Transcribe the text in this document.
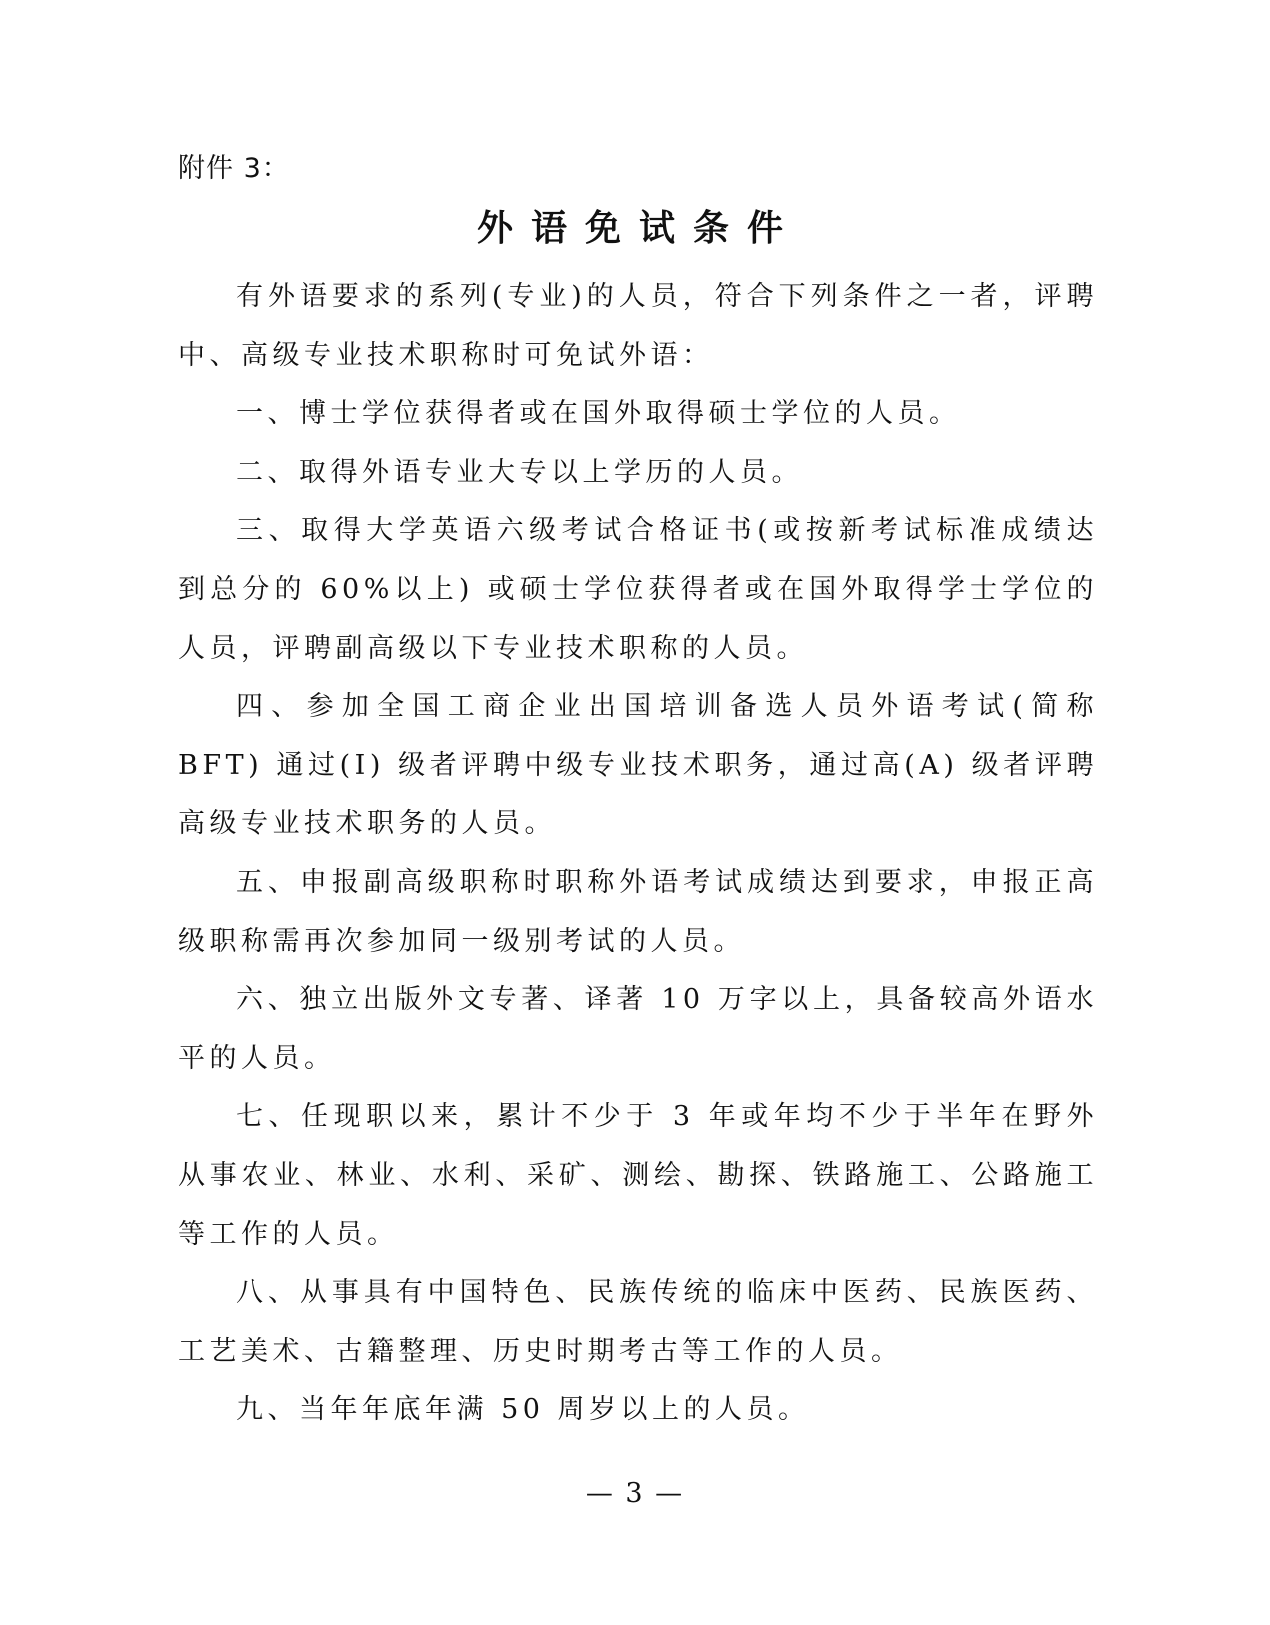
附件 3：
外语免试条件

有外语要求的系列(专业)的人员，符合下列条件之一者，评聘中、高级专业技术职称时可免试外语：

一、博士学位获得者或在国外取得硕士学位的人员。

二、取得外语专业大专以上学历的人员。

三、取得大学英语六级考试合格证书(或按新考试标准成绩达到总分的 60%以上) 或硕士学位获得者或在国外取得学士学位的人员，评聘副高级以下专业技术职称的人员。

四、参加全国工商企业出国培训备选人员外语考试(简称 BFT) 通过(I) 级者评聘中级专业技术职务，通过高(A) 级者评聘高级专业技术职务的人员。

五、申报副高级职称时职称外语考试成绩达到要求，申报正高级职称需再次参加同一级别考试的人员。

六、独立出版外文专著、译著 10 万字以上，具备较高外语水平的人员。

七、任现职以来，累计不少于 3 年或年均不少于半年在野外从事农业、林业、水利、采矿、测绘、勘探、铁路施工、公路施工等工作的人员。

八、从事具有中国特色、民族传统的临床中医药、民族医药、工艺美术、古籍整理、历史时期考古等工作的人员。

九、当年年底年满 50 周岁以上的人员。

— 3 —
